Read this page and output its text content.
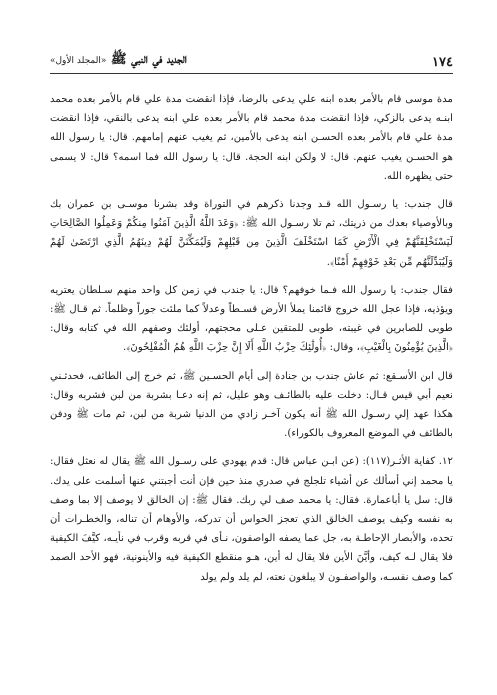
١٧٤
الجديد في النبي ﷺ «المجلد الأول»

مدة موسى قام بالأمر بعده ابنه علي يدعى بالرضا، فإذا انقضت مدة علي قام بالأمر بعده محمد ابنـه يدعى بالزكي، فإذا انقضت مدة محمد قام بالأمر بعده علي ابنه يدعى بالنقي، فإذا انقضت مدة علي قام بالأمر بعده الحسـن ابنه يدعى بالأمين، ثم يغيب عنهم إمامهم. قال: يا رسول الله هو الحسـن يغيب عنهم. قال: لا ولكن ابنه الحجة. قال: يا رسول الله فما اسمه؟ قال: لا يسمى حتى يظهره الله.

قال جندب: يا رسـول الله قـد وجدنا ذكرهم في التوراة وقد بشرنا موسـى بن عمران بك وبالأوصياء بعدك من ذريتك، ثم تلا رسـول الله ﷺ: ﴿وَعَدَ اللَّهُ الَّذِينَ آمَنُوا مِنكُمْ وَعَمِلُوا الصَّالِحَاتِ لَيَسْتَخْلِفَنَّهُمْ فِي الْأَرْضِ كَمَا اسْتَخْلَفَ الَّذِينَ مِن قَبْلِهِمْ وَلَيُمَكِّنَنَّ لَهُمْ دِينَهُمُ الَّذِي ارْتَضَىٰ لَهُمْ وَلَيُبَدِّلَنَّهُم مِّن بَعْدِ خَوْفِهِمْ أَمْنًا﴾.

فقال جندب: يا رسول الله فـما خوفهم؟ قال: يا جندب في زمن كل واحد منهم سـلطان يعتريه ويؤذيه، فإذا عجل الله خروج قائمنا يملأ الأرض قسـطاً وعدلاً كما ملئت جوراً وظلماً. ثم قـال ﷺ: طوبى للصابرين في غيبته، طوبى للمتقين عـلى محجتهم، أولئك وصفهم الله في كتابه وقال: ﴿الَّذِينَ يُؤْمِنُونَ بِالْغَيْبِ﴾، وقال: ﴿أُولَٰئِكَ حِزْبُ اللَّهِ أَلَا إِنَّ حِزْبَ اللَّهِ هُمُ الْمُفْلِحُونَ﴾.

قال ابن الأسـقع: ثم عاش جندب بن جنادة إلى أيام الحسـين ﷺ، ثم خرج إلى الطائف، فحدثـني نعيم أبي قيس قـال: دخلت عليه بالطائـف وهو عليل، ثم إنه دعـا بشربة من لبن فشربه وقال: هكذا عهد إلي رسـول الله ﷺ أنه يكون آخـر زادي من الدنيا شربة من لبن، ثم مات ﷺ ودفن بالطائف في الموضع المعروف بالكوراء).

١٢. كفاية الأثـر(١١٧): (عن ابـن عباس قال: قدم يهودي على رسـول الله ﷺ يقال له نعثل فقال: يا محمد إني أسألك عن أشياء تلجلج في صدري منذ حين فإن أنت أجبتني عنها أسلمت على يدك. قال: سل يا أباعمارة. فقال: يا محمد صف لي ربك. فقال ﷺ: إن الخالق لا يوصف إلا بما وصف به نفسه وكيف يوصف الخالق الذي تعجز الحواس أن تدركه، والأوهام أن تناله، والخطـرات أن تحده، والأبصار الإحاطـة به، جل عما يصفه الواصفون، نـأى في قربه وقرب في نأيـه، كيَّفَ الكيفية فلا يقال لـه كيف، وأيَّنَ الأين فلا يقال له أين، هـو منقطع الكيفية فيه والأينونية، فهو الأحد الصمد كما وصف نفسـه، والواصفـون لا يبلغون نعته، لم يلد ولم يولد
